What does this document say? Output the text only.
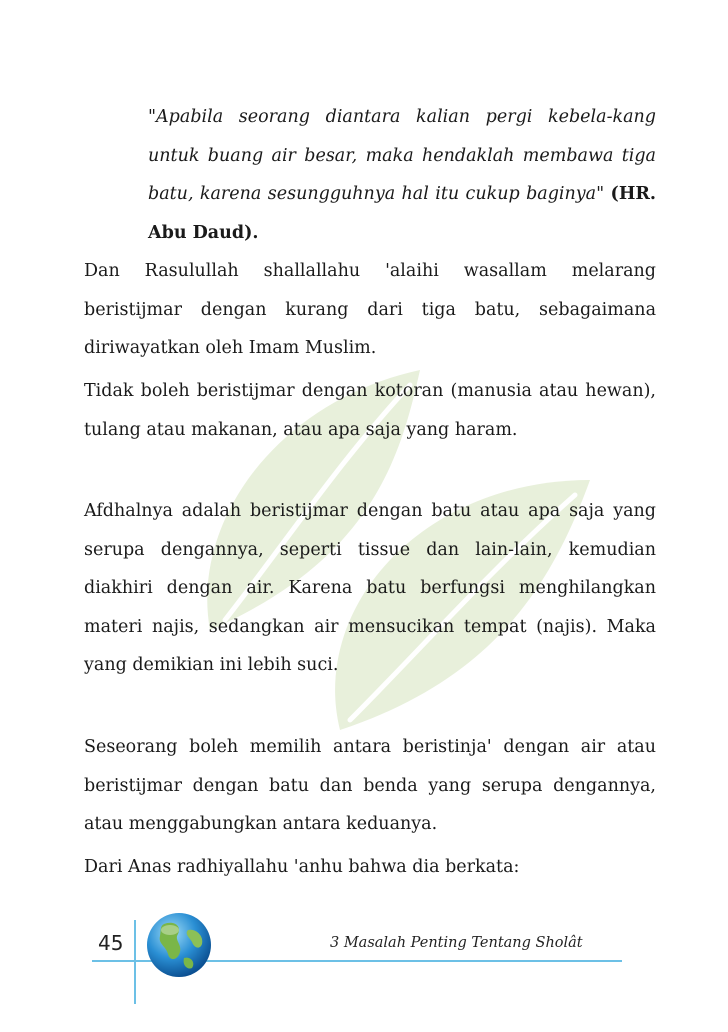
"Apabila seorang diantara kalian pergi kebela-kang untuk buang air besar, maka hendaklah membawa tiga batu, karena sesungguhnya hal itu cukup baginya" (HR. Abu Daud).

Dan Rasulullah shallallahu 'alaihi wasallam melarang beristijmar dengan kurang dari tiga batu, sebagaimana diriwayatkan oleh Imam Muslim.

Tidak boleh beristijmar dengan kotoran (manusia atau hewan), tulang atau makanan, atau apa saja yang haram.

Afdhalnya adalah beristijmar dengan batu atau apa saja yang serupa dengannya, seperti tissue dan lain-lain, kemudian diakhiri dengan air. Karena batu berfungsi menghilangkan materi najis, sedangkan air mensucikan tempat (najis). Maka yang demikian ini lebih suci.

Seseorang boleh memilih antara beristinja' dengan air atau beristijmar dengan batu dan benda yang serupa dengannya, atau menggabungkan antara keduanya.

Dari Anas radhiyallahu 'anhu bahwa dia berkata:

45	3 Masalah Penting Tentang Sholât
